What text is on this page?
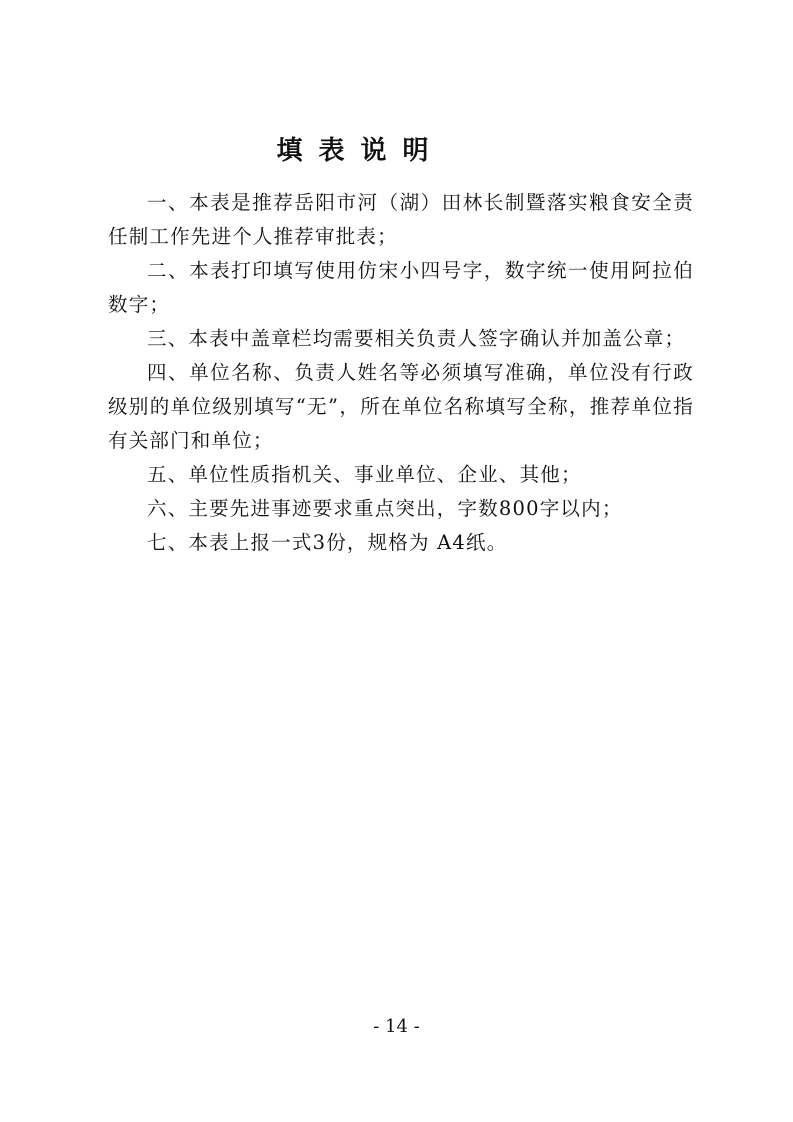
填表说明

一、本表是推荐岳阳市河（湖）田林长制暨落实粮食安全责任制工作先进个人推荐审批表；

二、本表打印填写使用仿宋小四号字，数字统一使用阿拉伯数字；

三、本表中盖章栏均需要相关负责人签字确认并加盖公章；

四、单位名称、负责人姓名等必须填写准确，单位没有行政级别的单位级别填写“无”，所在单位名称填写全称，推荐单位指有关部门和单位；

五、单位性质指机关、事业单位、企业、其他；

六、主要先进事迹要求重点突出，字数800字以内；

七、本表上报一式3份，规格为 A4纸。

- 14 -
